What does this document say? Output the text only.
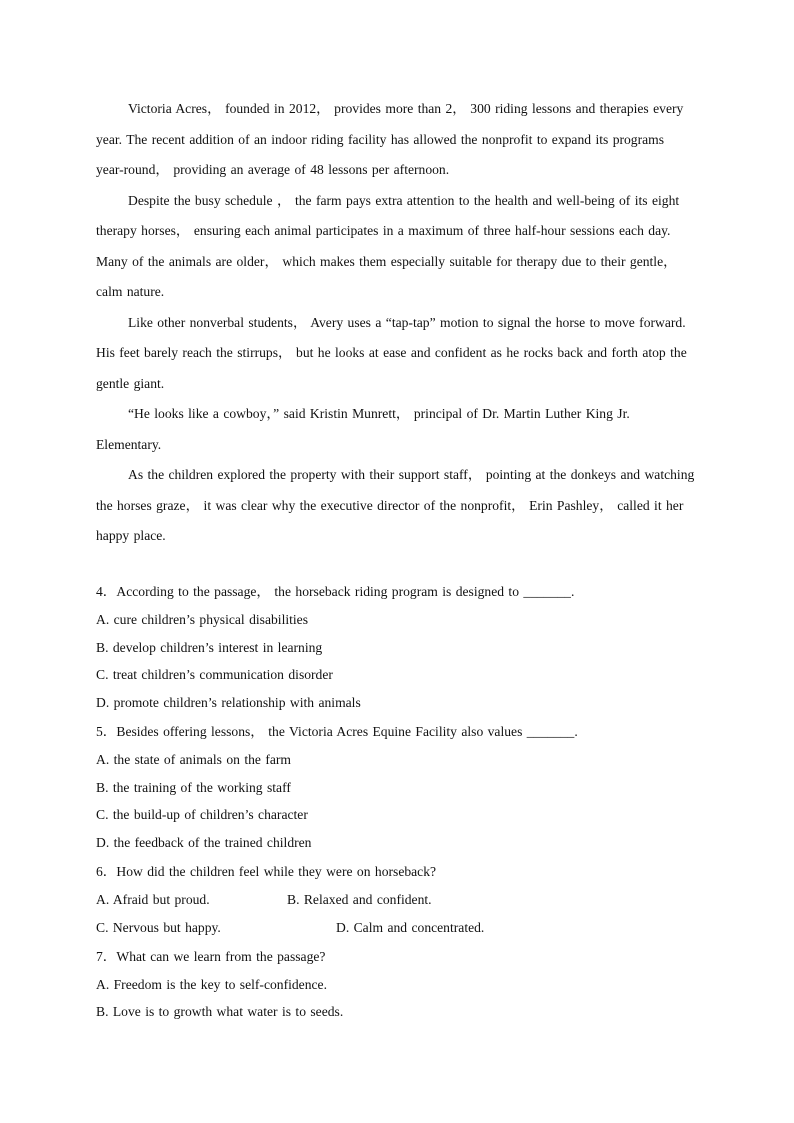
Victoria Acres， founded in 2012， provides more than 2， 300 riding lessons and therapies every year. The recent addition of an indoor riding facility has allowed the nonprofit to expand its programs year-round， providing an average of 48 lessons per afternoon.

Despite the busy schedule ， the farm pays extra attention to the health and well-being of its eight therapy horses， ensuring each animal participates in a maximum of three half-hour sessions each day. Many of the animals are older， which makes them especially suitable for therapy due to their gentle， calm nature.

Like other nonverbal students， Avery uses a “tap-tap” motion to signal the horse to move forward. His feet barely reach the stirrups， but he looks at ease and confident as he rocks back and forth atop the gentle giant.

“He looks like a cowboy，” said Kristin Munrett， principal of Dr. Martin Luther King Jr. Elementary.

As the children explored the property with their support staff， pointing at the donkeys and watching the horses graze， it was clear why the executive director of the nonprofit， Erin Pashley， called it her happy place.

4．According to the passage， the horseback riding program is designed to _______.

A. cure children’s physical disabilities

B. develop children’s interest in learning

C. treat children’s communication disorder

D. promote children’s relationship with animals

5．Besides offering lessons， the Victoria Acres Equine Facility also values _______.

A. the state of animals on the farm

B. the training of the working staff

C. the build-up of children’s character

D. the feedback of the trained children

6．How did the children feel while they were on horseback?

A. Afraid but proud.	B. Relaxed and confident.
C. Nervous but happy.	D. Calm and concentrated.

7．What can we learn from the passage?

A. Freedom is the key to self-confidence.

B. Love is to growth what water is to seeds.
